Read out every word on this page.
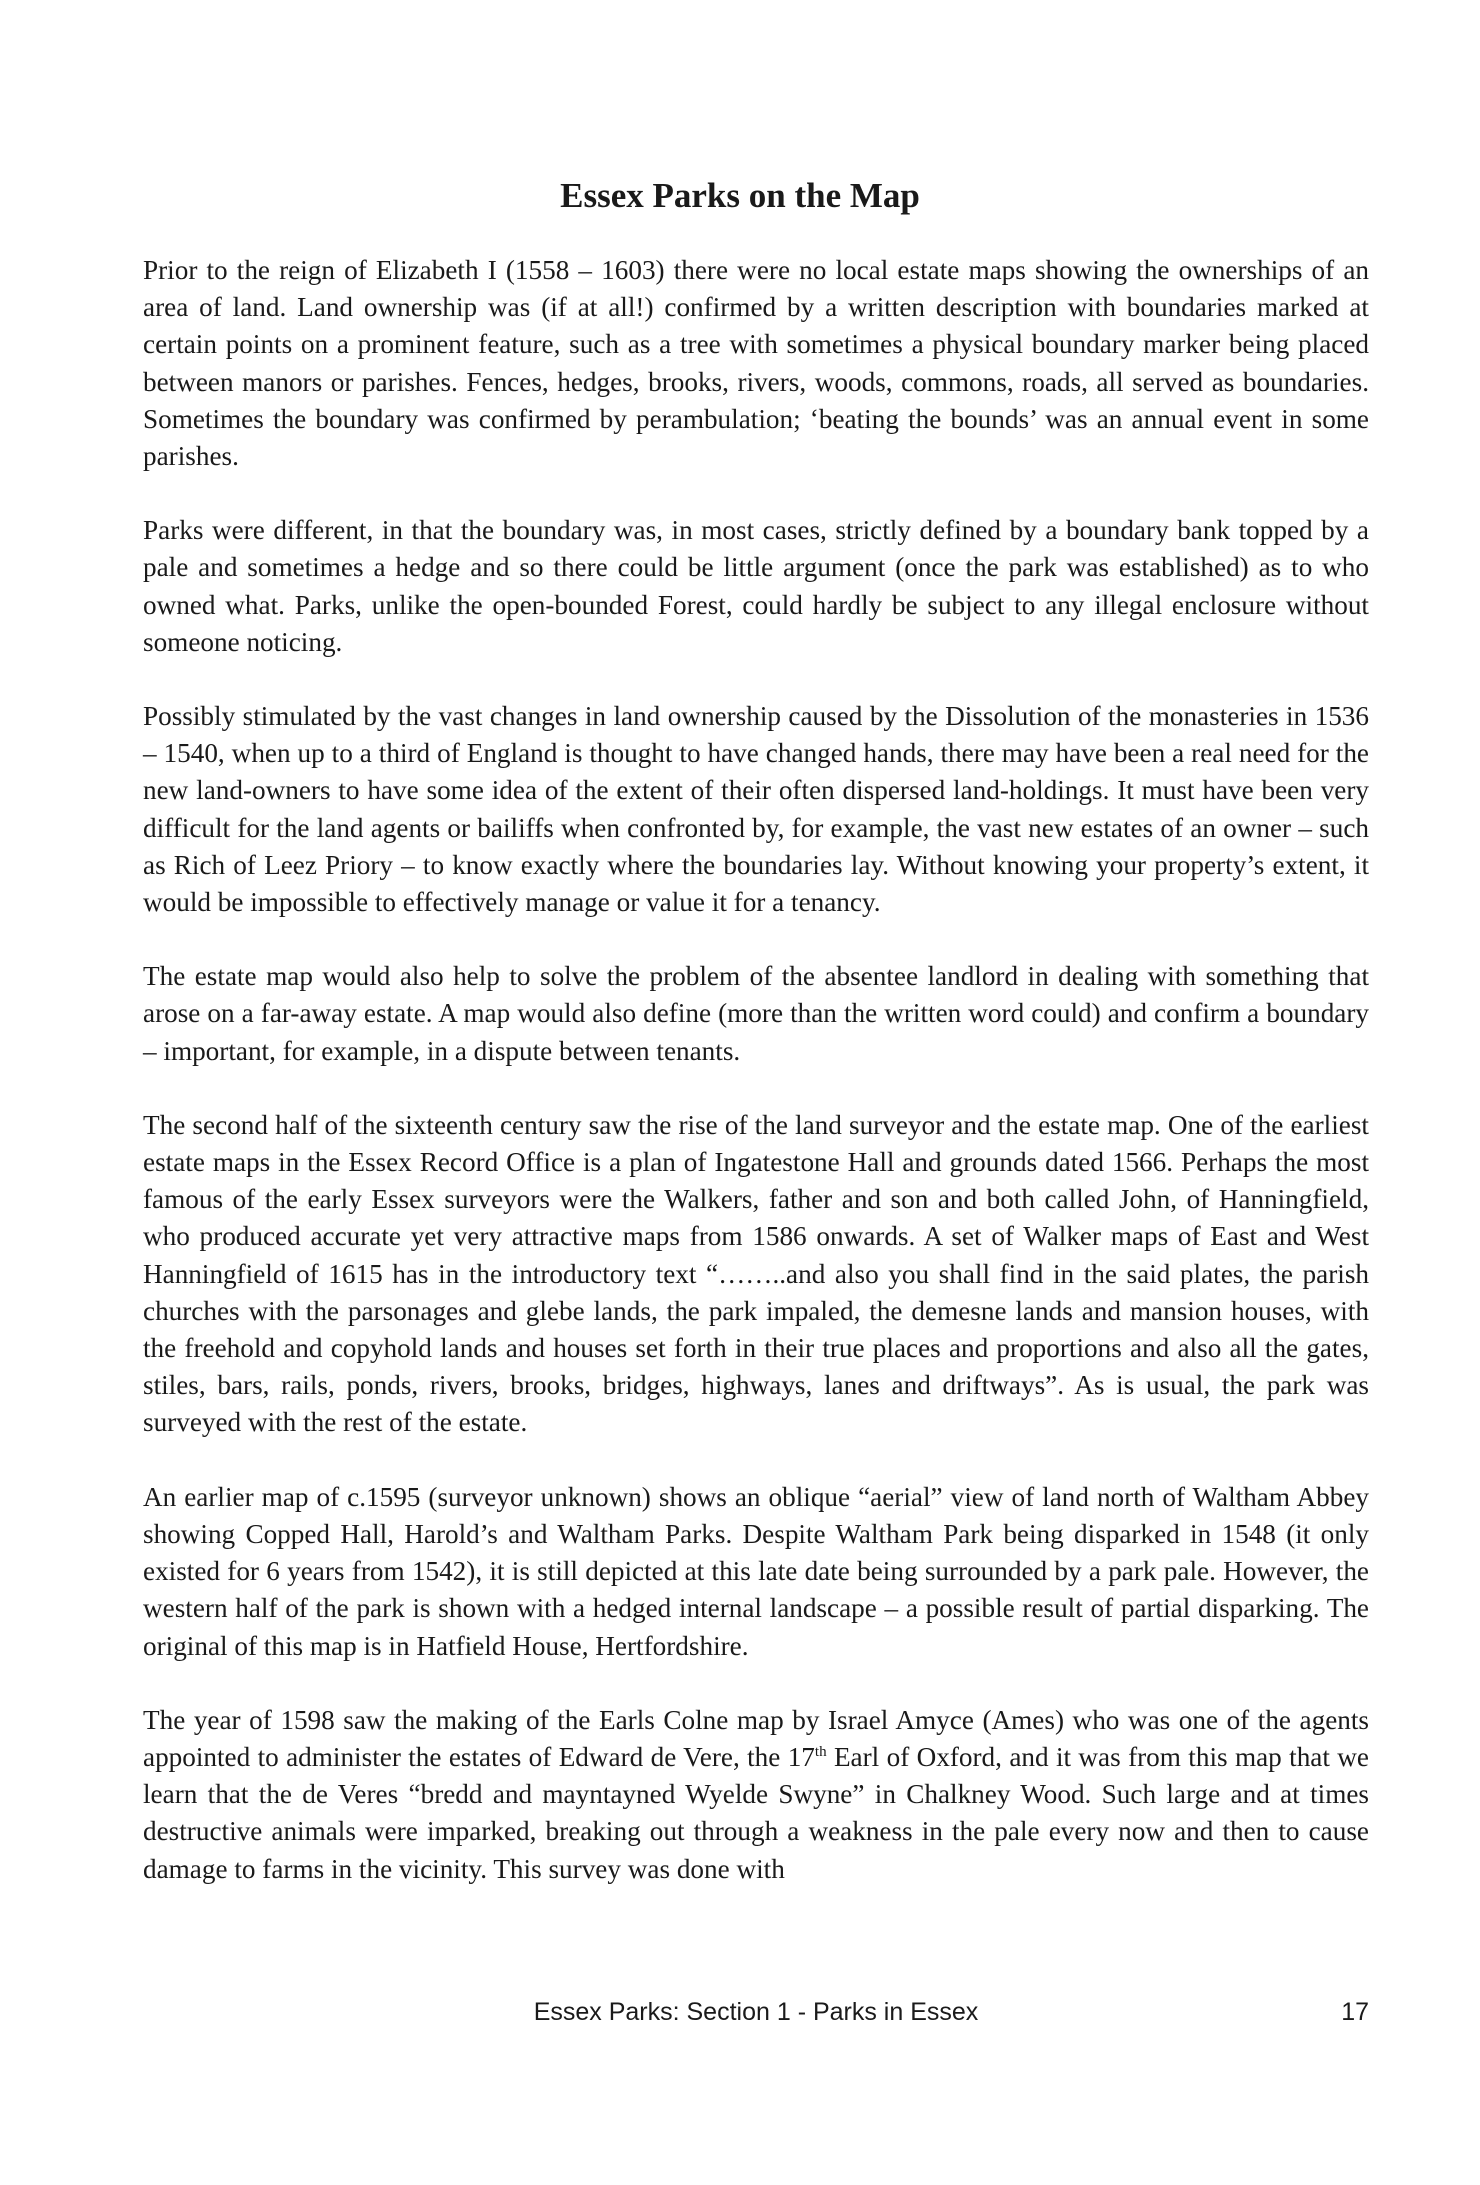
Essex Parks on the Map

Prior to the reign of Elizabeth I (1558 – 1603) there were no local estate maps showing the ownerships of an area of land. Land ownership was (if at all!) confirmed by a written description with boundaries marked at certain points on a prominent feature, such as a tree with sometimes a physical boundary marker being placed between manors or parishes. Fences, hedges, brooks, rivers, woods, commons, roads, all served as boundaries. Sometimes the boundary was confirmed by perambulation; ‘beating the bounds’ was an annual event in some parishes.

Parks were different, in that the boundary was, in most cases, strictly defined by a boundary bank topped by a pale and sometimes a hedge and so there could be little argument (once the park was established) as to who owned what. Parks, unlike the open-bounded Forest, could hardly be subject to any illegal enclosure without someone noticing.

Possibly stimulated by the vast changes in land ownership caused by the Dissolution of the monasteries in 1536 – 1540, when up to a third of England is thought to have changed hands, there may have been a real need for the new land-owners to have some idea of the extent of their often dispersed land-holdings. It must have been very difficult for the land agents or bailiffs when confronted by, for example, the vast new estates of an owner – such as Rich of Leez Priory – to know exactly where the boundaries lay. Without knowing your property’s extent, it would be impossible to effectively manage or value it for a tenancy.

The estate map would also help to solve the problem of the absentee landlord in dealing with something that arose on a far-away estate. A map would also define (more than the written word could) and confirm a boundary – important, for example, in a dispute between tenants.

The second half of the sixteenth century saw the rise of the land surveyor and the estate map. One of the earliest estate maps in the Essex Record Office is a plan of Ingatestone Hall and grounds dated 1566. Perhaps the most famous of the early Essex surveyors were the Walkers, father and son and both called John, of Hanningfield, who produced accurate yet very attractive maps from 1586 onwards. A set of Walker maps of East and West Hanningfield of 1615 has in the introductory text “……..and also you shall find in the said plates, the parish churches with the parsonages and glebe lands, the park impaled, the demesne lands and mansion houses, with the freehold and copyhold lands and houses set forth in their true places and proportions and also all the gates, stiles, bars, rails, ponds, rivers, brooks, bridges, highways, lanes and driftways”. As is usual, the park was surveyed with the rest of the estate.

An earlier map of c.1595 (surveyor unknown) shows an oblique “aerial” view of land north of Waltham Abbey showing Copped Hall, Harold’s and Waltham Parks. Despite Waltham Park being disparked in 1548 (it only existed for 6 years from 1542), it is still depicted at this late date being surrounded by a park pale. However, the western half of the park is shown with a hedged internal landscape – a possible result of partial disparking. The original of this map is in Hatfield House, Hertfordshire.

The year of 1598 saw the making of the Earls Colne map by Israel Amyce (Ames) who was one of the agents appointed to administer the estates of Edward de Vere, the 17th Earl of Oxford, and it was from this map that we learn that the de Veres “bredd and mayntayned Wyelde Swyne” in Chalkney Wood. Such large and at times destructive animals were imparked, breaking out through a weakness in the pale every now and then to cause damage to farms in the vicinity. This survey was done with

Essex Parks: Section 1 - Parks in Essex	17
